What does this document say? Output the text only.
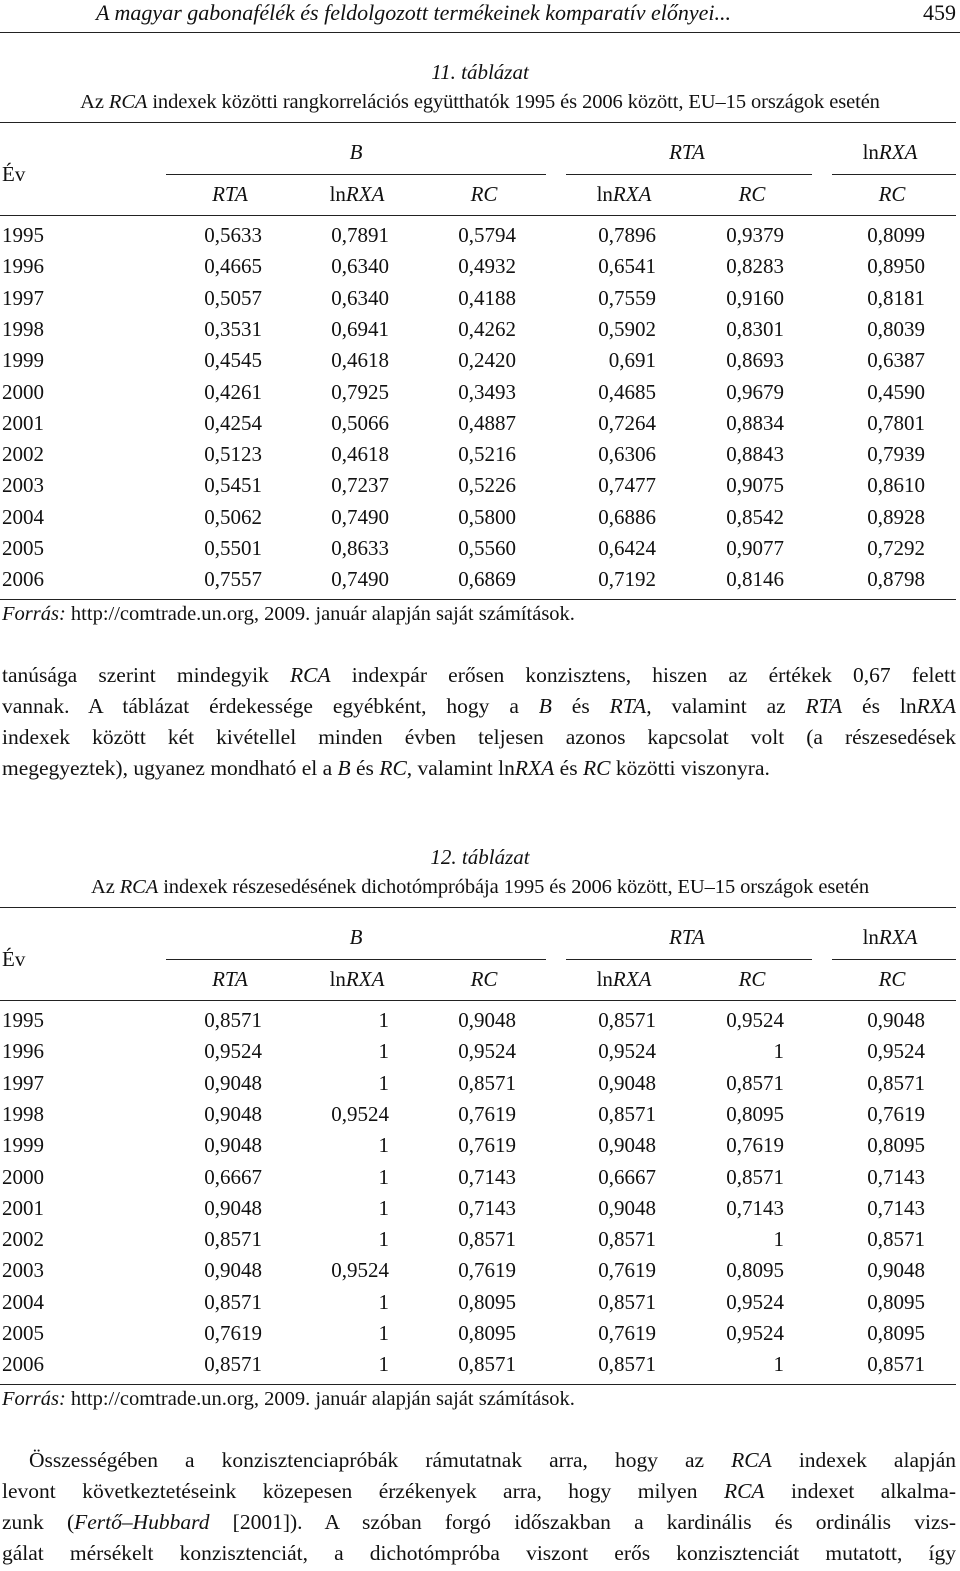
A magyar gabonafélék és feldolgozott termékeinek komparatív előnyei...	459
11. táblázat
Az RCA indexek közötti rangkorrelációs együtthatók 1995 és 2006 között, EU–15 országok esetén
Év
B	RTA	lnRXA
RTA	lnRXA	RC	lnRXA	RC	RC
1995	0,5633	0,7891	0,5794	0,7896	0,9379	0,8099
1996	0,4665	0,6340	0,4932	0,6541	0,8283	0,8950
1997	0,5057	0,6340	0,4188	0,7559	0,9160	0,8181
1998	0,3531	0,6941	0,4262	0,5902	0,8301	0,8039
1999	0,4545	0,4618	0,2420	0,691	0,8693	0,6387
2000	0,4261	0,7925	0,3493	0,4685	0,9679	0,4590
2001	0,4254	0,5066	0,4887	0,7264	0,8834	0,7801
2002	0,5123	0,4618	0,5216	0,6306	0,8843	0,7939
2003	0,5451	0,7237	0,5226	0,7477	0,9075	0,8610
2004	0,5062	0,7490	0,5800	0,6886	0,8542	0,8928
2005	0,5501	0,8633	0,5560	0,6424	0,9077	0,7292
2006	0,7557	0,7490	0,6869	0,7192	0,8146	0,8798
Forrás: http://comtrade.un.org, 2009. január alapján saját számítások.
tanúsága szerint mindegyik RCA indexpár erősen konzisztens, hiszen az értékek 0,67 felett
vannak. A táblázat érdekessége egyébként, hogy a B és RTA, valamint az RTA és lnRXA
indexek között két kivétellel minden évben teljesen azonos kapcsolat volt (a részesedések
megegyeztek), ugyanez mondható el a B és RC, valamint lnRXA és RC közötti viszonyra.
12. táblázat
Az RCA indexek részesedésének dichotómpróbája 1995 és 2006 között, EU–15 országok esetén
Év
B	RTA	lnRXA
RTA	lnRXA	RC	lnRXA	RC	RC
1995	0,8571	1	0,9048	0,8571	0,9524	0,9048
1996	0,9524	1	0,9524	0,9524	1	0,9524
1997	0,9048	1	0,8571	0,9048	0,8571	0,8571
1998	0,9048	0,9524	0,7619	0,8571	0,8095	0,7619
1999	0,9048	1	0,7619	0,9048	0,7619	0,8095
2000	0,6667	1	0,7143	0,6667	0,8571	0,7143
2001	0,9048	1	0,7143	0,9048	0,7143	0,7143
2002	0,8571	1	0,8571	0,8571	1	0,8571
2003	0,9048	0,9524	0,7619	0,7619	0,8095	0,9048
2004	0,8571	1	0,8095	0,8571	0,9524	0,8095
2005	0,7619	1	0,8095	0,7619	0,9524	0,8095
2006	0,8571	1	0,8571	0,8571	1	0,8571
Forrás: http://comtrade.un.org, 2009. január alapján saját számítások.
Összességében a konzisztenciapróbák rámutatnak arra, hogy az RCA indexek alapján
levont következtetéseink közepesen érzékenyek arra, hogy milyen RCA indexet alkalma-
zunk (Fertő–Hubbard [2001]). A szóban forgó időszakban a kardinális és ordinális vizs-
gálat mérsékelt konzisztenciát, a dichotómpróba viszont erős konzisztenciát mutatott, így
